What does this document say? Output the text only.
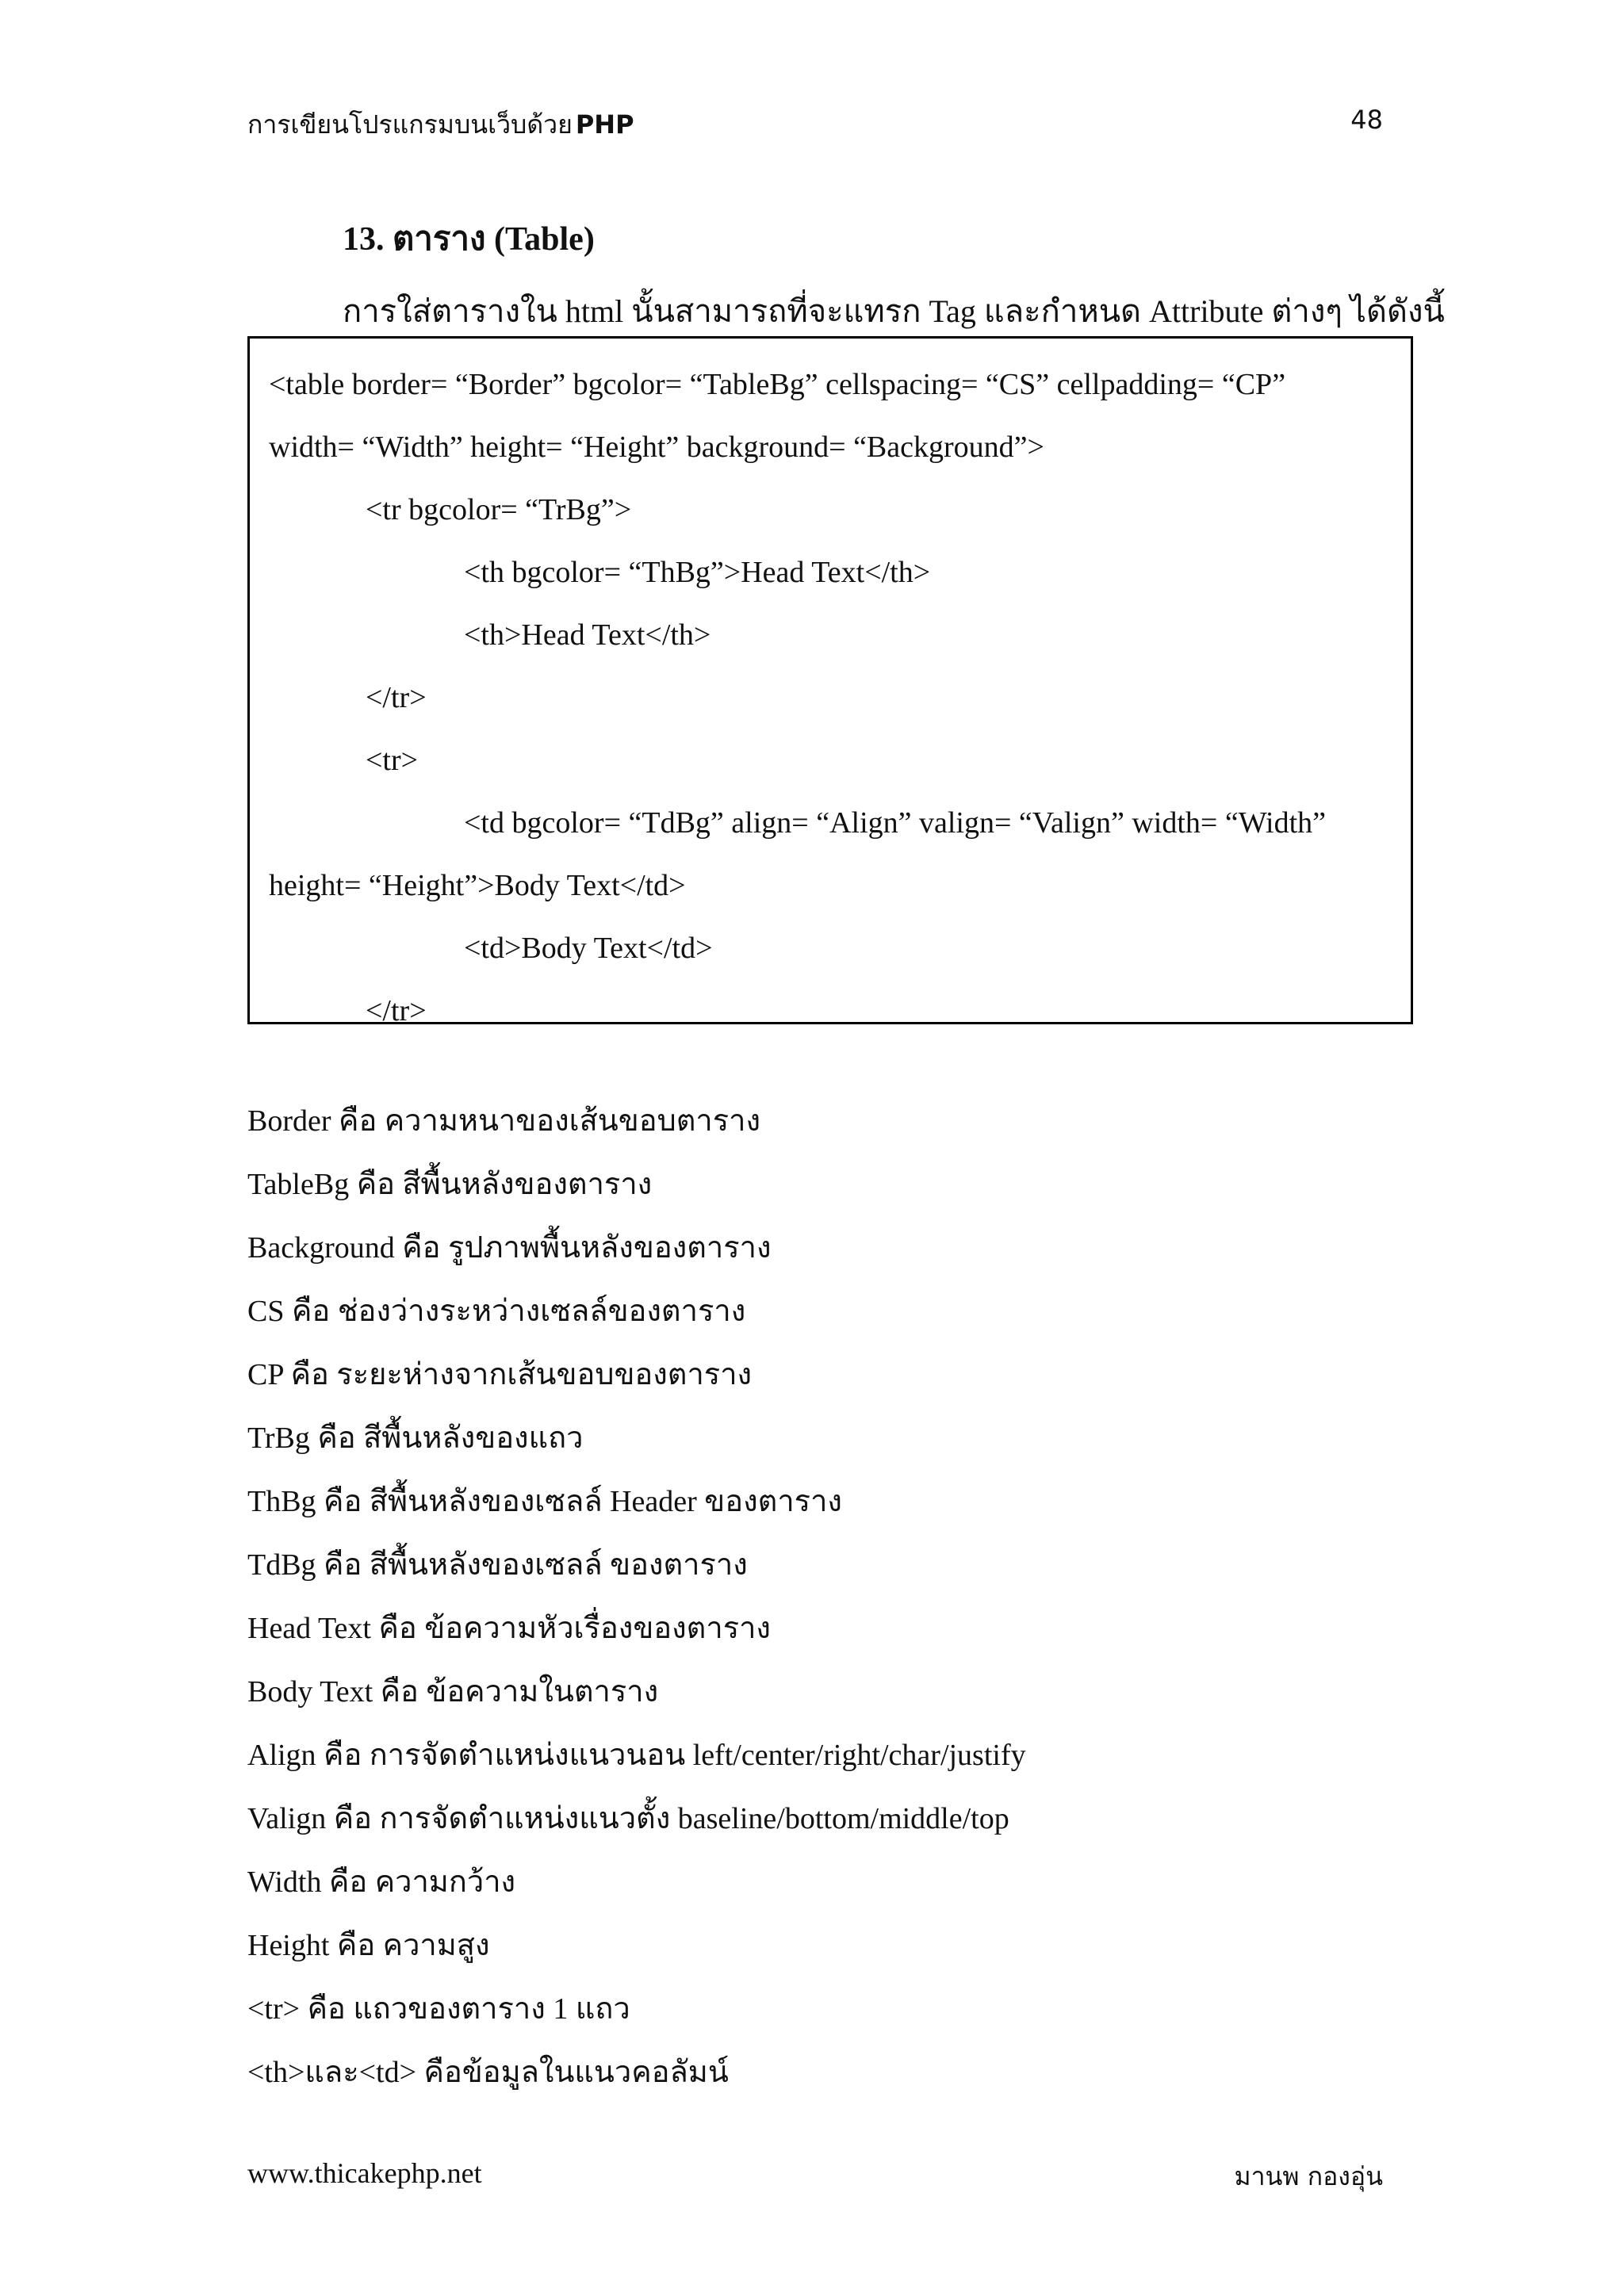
การเขียนโปรแกรมบนเว็บด้วย PHP	48
13. ตาราง (Table)
การใส่ตารางใน html นั้นสามารถที่จะแทรก Tag และกำหนด Attribute ต่างๆ ได้ดังนี้
<table border= “Border” bgcolor= “TableBg” cellspacing= “CS” cellpadding= “CP”
width= “Width” height= “Height” background= “Background”>
<tr bgcolor= “TrBg”>
<th bgcolor= “ThBg”>Head Text</th>
<th>Head Text</th>
</tr>
<tr>
<td bgcolor= “TdBg” align= “Align” valign= “Valign” width= “Width”
height= “Height”>Body Text</td>
<td>Body Text</td>
</tr>
Border คือ ความหนาของเส้นขอบตาราง
TableBg คือ สีพื้นหลังของตาราง
Background คือ รูปภาพพื้นหลังของตาราง
CS คือ ช่องว่างระหว่างเซลล์ของตาราง
CP คือ ระยะห่างจากเส้นขอบของตาราง
TrBg คือ สีพื้นหลังของแถว
ThBg คือ สีพื้นหลังของเซลล์ Header ของตาราง
TdBg คือ สีพื้นหลังของเซลล์ ของตาราง
Head Text คือ ข้อความหัวเรื่องของตาราง
Body Text คือ ข้อความในตาราง
Align คือ การจัดตำแหน่งแนวนอน left/center/right/char/justify
Valign คือ การจัดตำแหน่งแนวตั้ง baseline/bottom/middle/top
Width คือ ความกว้าง
Height คือ ความสูง
<tr> คือ แถวของตาราง 1 แถว
<th>และ<td> คือข้อมูลในแนวคอลัมน์
www.thicakephp.net	มานพ กองอุ่น
